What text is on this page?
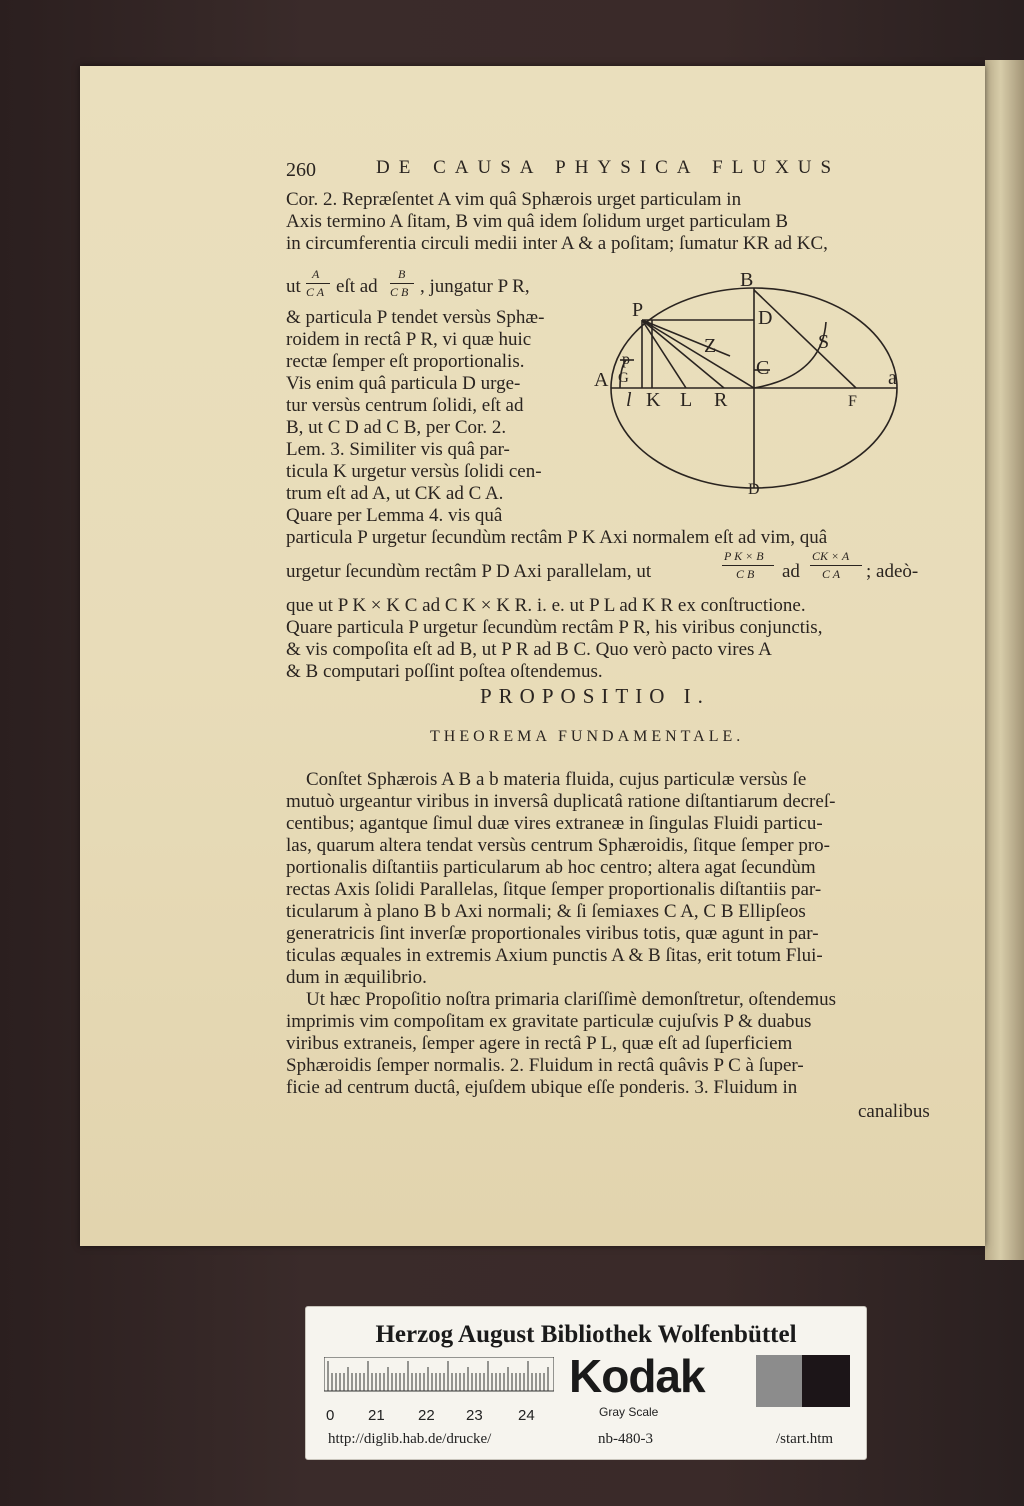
260	DE CAUSA PHYSICA FLUXUS
Cor. 2. Repræſentet A vim quâ Sphærois urget particulam in
Axis termino A ſitam, B vim quâ idem ſolidum urget particulam B
in circumferentia circuli medii inter A & a poſitam; ſumatur KR ad KC,
ut
A
C A eſt ad
B
C B , jungatur P R,
& particula P tendet versùs Sphæ-
roidem in rectâ P R, vi quæ huic
rectæ ſemper eſt proportionalis.
Vis enim quâ particula D urge-
tur versùs centrum ſolidi, eſt ad
B, ut C D ad C B, per Cor. 2.
Lem. 3. Similiter vis quâ par-
ticula K urgetur versùs ſolidi cen-
trum eſt ad A, ut CK ad C A.
Quare per Lemma 4. vis quâ
particula P urgetur ſecundùm rectâm P K Axi normalem eſt ad vim, quâ
urgetur ſecundùm rectâm P D Axi parallelam, ut
P K × B
C B ad
CK × A
C A ; adeò-
que ut P K × K C ad C K × K R. i. e. ut P L ad K R ex conſtructione.
Quare particula P urgetur ſecundùm rectâm P R, his viribus conjunctis,
& vis compoſita eſt ad B, ut P R ad B C. Quo verò pacto vires A
& B computari poſſint poſtea oſtendemus.
PROPOSITIO I.
THEOREMA FUNDAMENTALE.
Conſtet Sphærois A B a b materia fluida, cujus particulæ versùs ſe
mutuò urgeantur viribus in inversâ duplicatâ ratione diſtantiarum decreſ-
centibus; agantque ſimul duæ vires extraneæ in ſingulas Fluidi particu-
las, quarum altera tendat versùs centrum Sphæroidis, ſitque ſemper pro-
portionalis diſtantiis particularum ab hoc centro; altera agat ſecundùm
rectas Axis ſolidi Parallelas, ſitque ſemper proportionalis diſtantiis par-
ticularum à plano B b Axi normali; & ſi ſemiaxes C A, C B Ellipſeos
generatricis ſint inverſæ proportionales viribus totis, quæ agunt in par-
ticulas æquales in extremis Axium punctis A & B ſitas, erit totum Flui-
dum in æquilibrio.
Ut hæc Propoſitio noſtra primaria clariſſimè demonſtretur, oſtendemus
imprimis vim compoſitam ex gravitate particulæ cujuſvis P & duabus
viribus extraneis, ſemper agere in rectâ P L, quæ eſt ad ſuperficiem
Sphæroidis ſemper normalis. 2. Fluidum in rectâ quâvis P C à ſuper-
ficie ad centrum ductâ, ejuſdem ubique eſſe ponderis. 3. Fluidum in
canalibus
B
D
P
Z	S
C
A	a
p
G
l K L R	F
D
Herzog August Bibliothek Wolfenbüttel
0 21 22 23 24
Kodak
Gray Scale
http://diglib.hab.de/drucke/	nb-480-3	/start.htm
